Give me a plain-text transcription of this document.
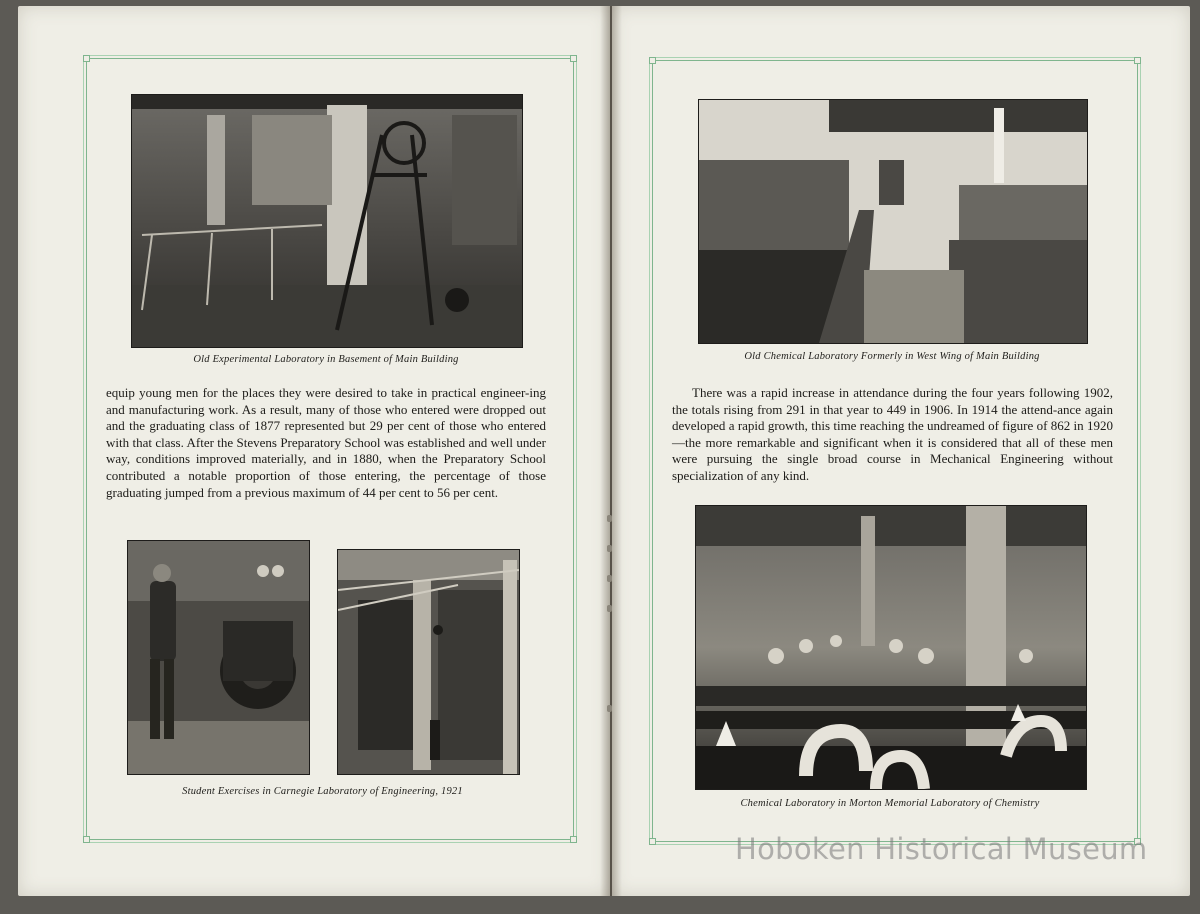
Old Experimental Laboratory in Basement of Main Building

equip young men for the places they were desired to take in practical engineer-ing and manufacturing work. As a result, many of those who entered were dropped out and the graduating class of 1877 represented but 29 per cent of those who entered with that class. After the Stevens Preparatory School was established and well under way, conditions improved materially, and in 1880, when the Preparatory School contributed a notable proportion of those entering, the percentage of those graduating jumped from a previous maximum of 44 per cent to 56 per cent.

Student Exercises in Carnegie Laboratory of Engineering, 1921
Old Chemical Laboratory Formerly in West Wing of Main Building

There was a rapid increase in attendance during the four years following 1902, the totals rising from 291 in that year to 449 in 1906. In 1914 the attend-ance again developed a rapid growth, this time reaching the undreamed of figure of 862 in 1920—the more remarkable and significant when it is considered that all of these men were pursuing the single broad course in Mechanical Engineering without specialization of any kind.

Chemical Laboratory in Morton Memorial Laboratory of Chemistry
Hoboken Historical Museum
